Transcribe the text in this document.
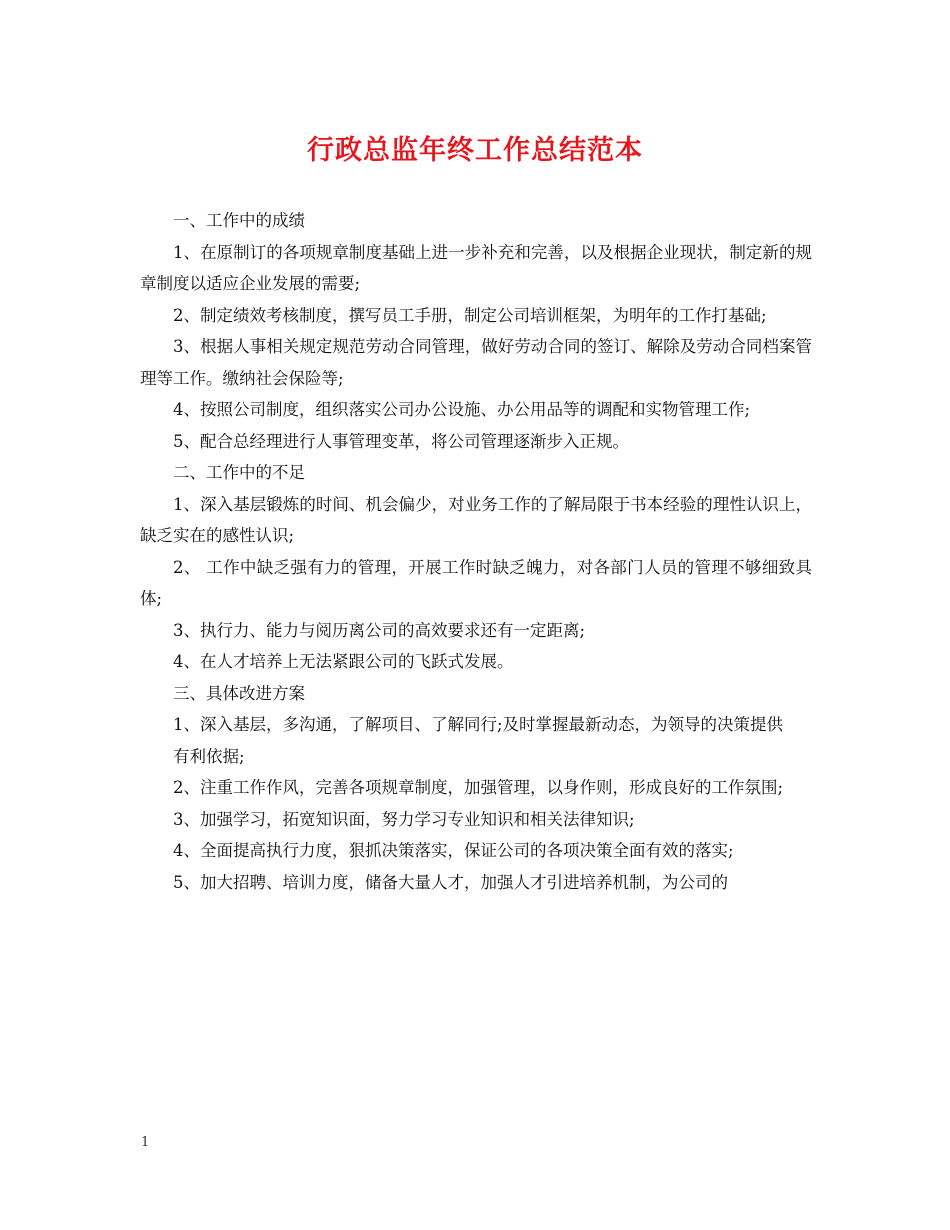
行政总监年终工作总结范本

一、工作中的成绩

1、在原制订的各项规章制度基础上进一步补充和完善，以及根据企业现状，制定新的规章制度以适应企业发展的需要;

2、制定绩效考核制度，撰写员工手册，制定公司培训框架，为明年的工作打基础;

3、根据人事相关规定规范劳动合同管理，做好劳动合同的签订、解除及劳动合同档案管理等工作。缴纳社会保险等;

4、按照公司制度，组织落实公司办公设施、办公用品等的调配和实物管理工作;

5、配合总经理进行人事管理变革，将公司管理逐渐步入正规。

二、工作中的不足

1、深入基层锻炼的时间、机会偏少，对业务工作的了解局限于书本经验的理性认识上，缺乏实在的感性认识;

2、 工作中缺乏强有力的管理，开展工作时缺乏魄力，对各部门人员的管理不够细致具体;

3、执行力、能力与阅历离公司的高效要求还有一定距离;

4、在人才培养上无法紧跟公司的飞跃式发展。

三、具体改进方案

1、深入基层，多沟通，了解项目、了解同行;及时掌握最新动态，为领导的决策提供

有利依据;

2、注重工作作风，完善各项规章制度，加强管理，以身作则，形成良好的工作氛围;

3、加强学习，拓宽知识面，努力学习专业知识和相关法律知识;

4、全面提高执行力度，狠抓决策落实，保证公司的各项决策全面有效的落实;

5、加大招聘、培训力度，储备大量人才，加强人才引进培养机制，为公司的

1
